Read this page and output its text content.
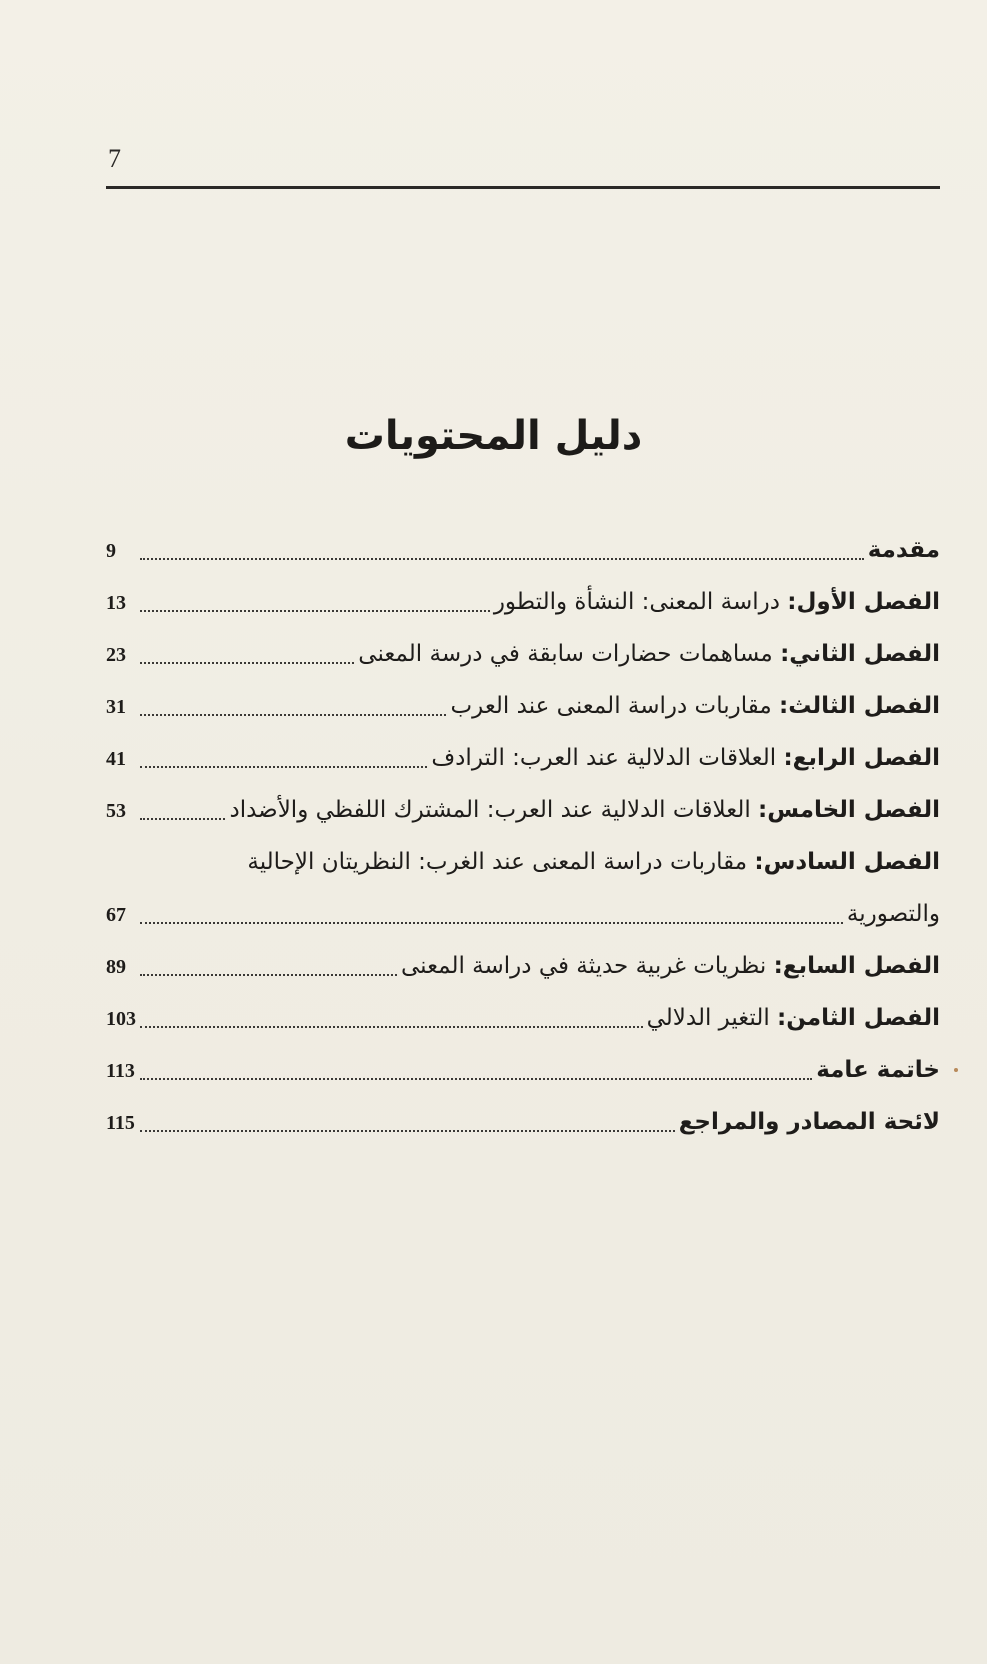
7
دليل المحتويات
مقدمة
9
الفصل الأول: دراسة المعنى: النشأة والتطور
13
الفصل الثاني: مساهمات حضارات سابقة في درسة المعنى
23
الفصل الثالث: مقاربات دراسة المعنى عند العرب
31
الفصل الرابع: العلاقات الدلالية عند العرب: الترادف
41
الفصل الخامس: العلاقات الدلالية عند العرب: المشترك اللفظي والأضداد
53
الفصل السادس: مقاربات دراسة المعنى عند الغرب: النظريتان الإحالية
والتصورية
67
الفصل السابع: نظريات غربية حديثة في دراسة المعنى
89
الفصل الثامن: التغير الدلالي
103
خاتمة عامة
113
لائحة المصادر والمراجع
115
